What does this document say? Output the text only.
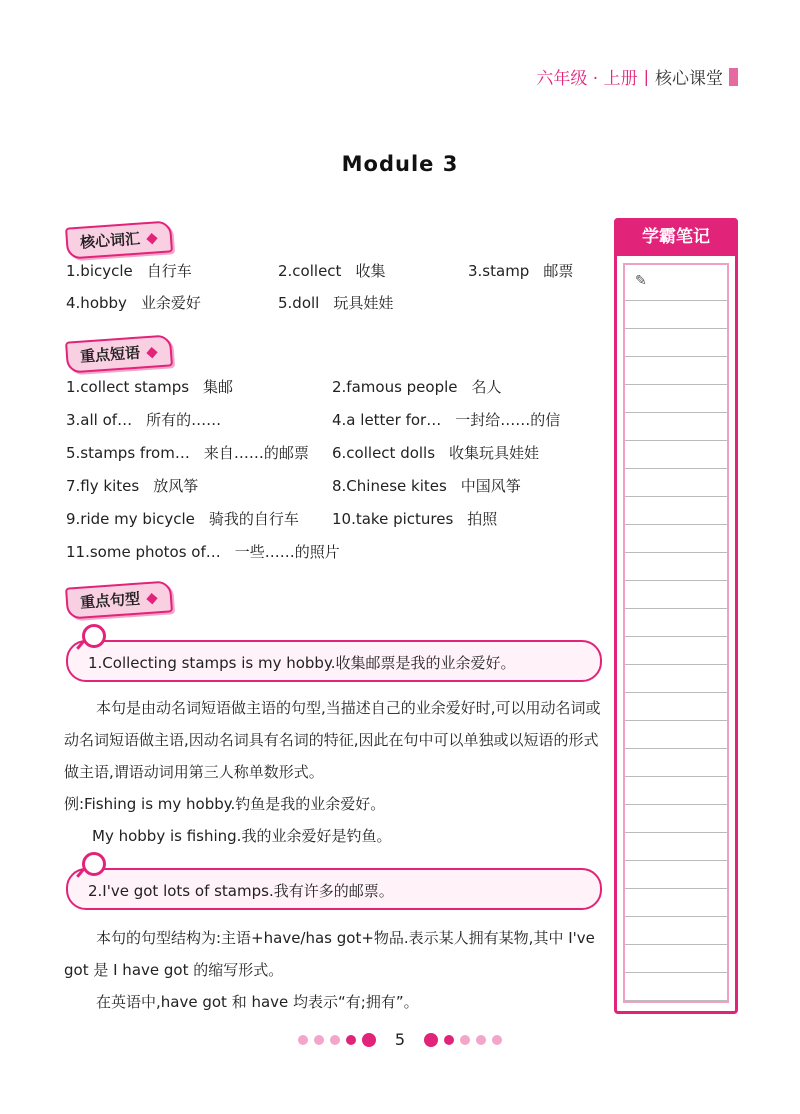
六年级 · 上册 | 核心课堂
Module 3
核心词汇
1.bicycle 自行车	2.collect 收集	3.stamp 邮票
4.hobby 业余爱好	5.doll 玩具娃娃
重点短语
1.collect stamps 集邮	2.famous people 名人
3.all of… 所有的……	4.a letter for… 一封给……的信
5.stamps from… 来自……的邮票 6.collect dolls 收集玩具娃娃
7.fly kites 放风筝	8.Chinese kites 中国风筝
9.ride my bicycle 骑我的自行车 10.take pictures 拍照
11.some photos of… 一些……的照片
重点句型
1.Collecting stamps is my hobby.收集邮票是我的业余爱好。
本句是由动名词短语做主语的句型,当描述自己的业余爱好时,可以用动名词或动名词短语做主语,因动名词具有名词的特征,因此在句中可以单独或以短语的形式做主语,谓语动词用第三人称单数形式。
例:Fishing is my hobby.钓鱼是我的业余爱好。
My hobby is fishing.我的业余爱好是钓鱼。
2.I've got lots of stamps.我有许多的邮票。
本句的句型结构为:主语+have/has got+物品.表示某人拥有某物,其中 I've got 是 I have got 的缩写形式。
在英语中,have got 和 have 均表示“有;拥有”。
学霸笔记
✎
5
